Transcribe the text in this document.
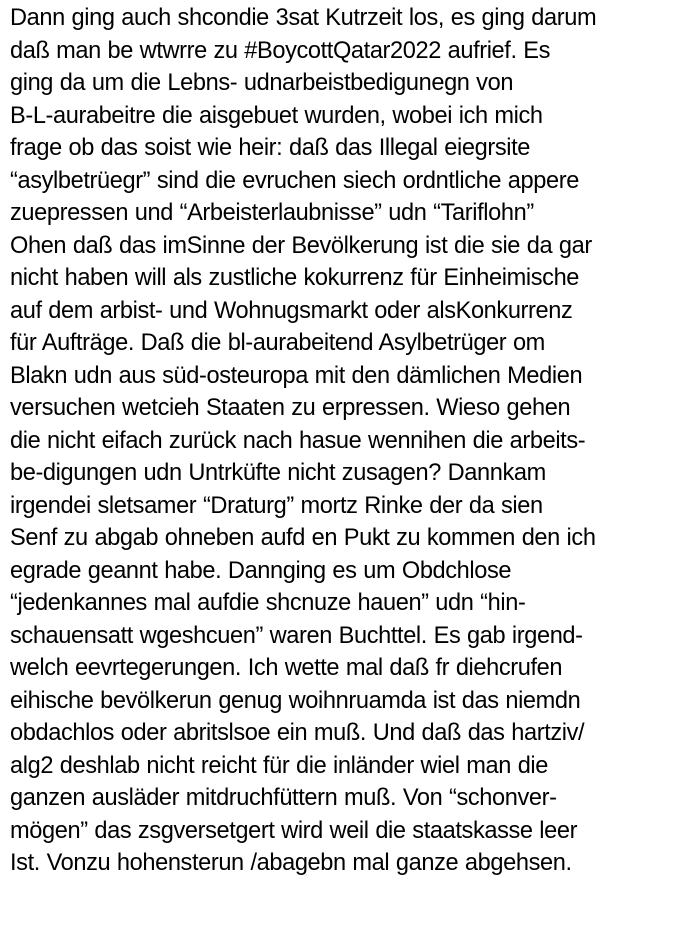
Dann ging auch shcondie 3sat Kutrzeit los, es ging darum
daß man be wtwrre zu #BoycottQatar2022 aufrief. Es
ging da um die Lebns- udnarbeistbedigunegn von
B-L-aurabeitre die aisgebuet wurden, wobei ich mich
frage ob das soist wie heir: daß das Illegal eiegrsite
“asylbetrüegr” sind die evruchen siech ordntliche appere
zuepressen und “Arbeisterlaubnisse” udn “Tariflohn”
Ohen daß das imSinne der Bevölkerung ist die sie da gar
nicht haben will als zustliche kokurrenz für Einheimische
auf dem arbist- und Wohnugsmarkt oder alsKonkurrenz
für Aufträge. Daß die bl-aurabeitend Asylbetrüger om
Blakn udn aus süd-osteuropa mit den dämlichen Medien
versuchen wetcieh Staaten zu erpressen. Wieso gehen
die nicht eifach zurück nach hasue wennihen die arbeits-
be-digungen udn Untrküfte nicht zusagen? Dannkam
irgendei sletsamer “Draturg” mortz Rinke der da sien
Senf zu abgab ohneben aufd en Pukt zu kommen den ich
egrade geannt habe. Dannging es um Obdchlose
“jedenkannes mal aufdie shcnuze hauen” udn “hin-
schauensatt wgeshcuen” waren Buchttel. Es gab irgend-
welch eevrtegerungen. Ich wette mal daß fr diehcrufen
eihische bevölkerun genug woihnruamda ist das niemdn
obdachlos oder abritslsoe ein muß. Und daß das hartziv/
alg2 deshlab nicht reicht für die inländer wiel man die
ganzen ausläder mitdruchfüttern muß. Von “schonver-
mögen” das zsgversetgert wird weil die staatskasse leer
Ist. Vonzu hohensterun /abagebn mal ganze abgehsen.
